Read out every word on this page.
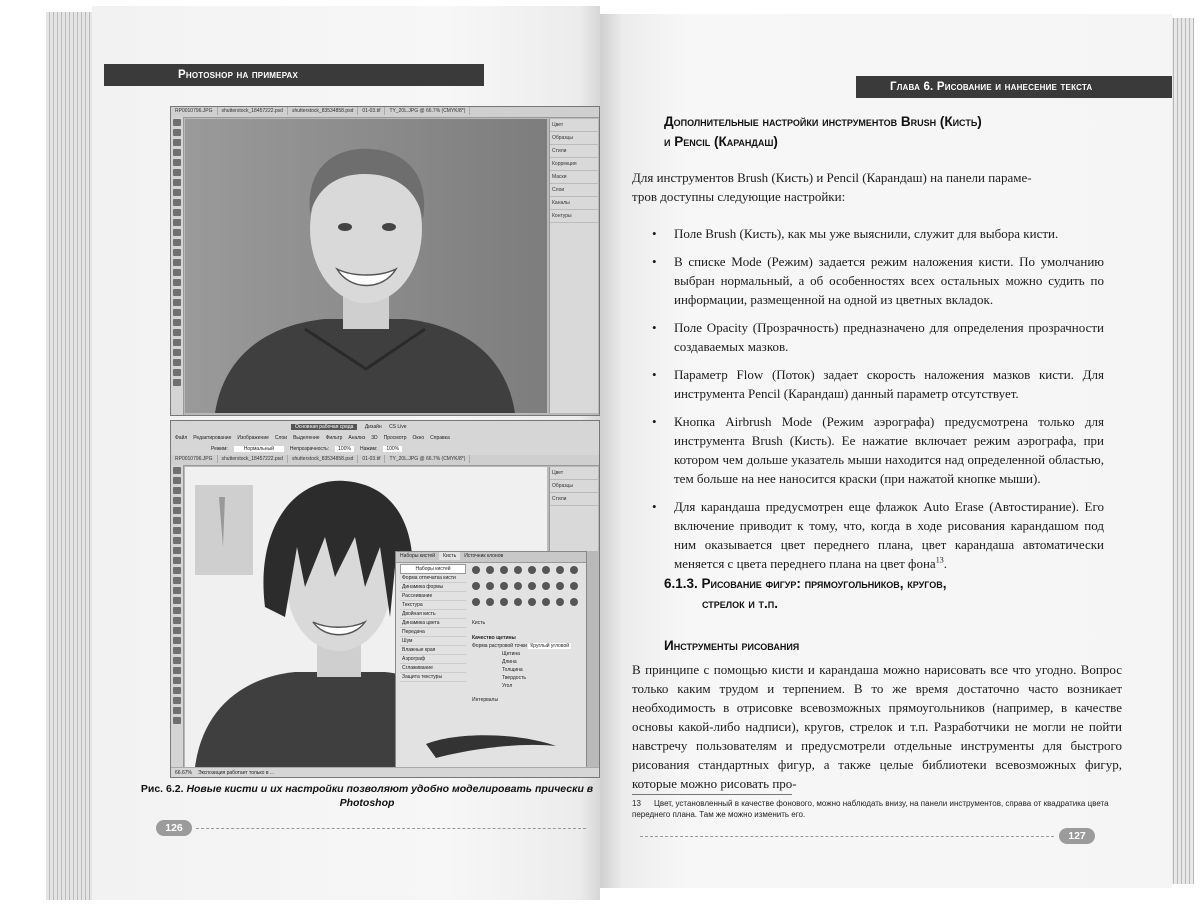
Photoshop на примерах
RP0010796.JPG shutterstock_18457222.psd shutterstock_83534858.psd 01-03.tif TY_20L.JPG @ 66.7% (CMYK/8*)
Цвет
Образцы
Стили
Коррекция
Маски
Слои
Каналы
Контуры
Основная рабочая среда Дизайн CS Live
Файл Редактирование Изображение Слои Выделение Фильтр Анализ 3D Просмотр Окно Справка
Режим:	Нормальный	Непрозрачность: 100% Нажим: 100%
RP0010796.JPG shutterstock_18457222.psd shutterstock_83534858.psd 01-03.tif TY_20L.JPG @ 66.7% (CMYK/8*)
Цвет
Образцы
Стили
Наборы кистей Кисть Источник клонов
Наборы кистей
Форма отпечатка кисти
Динамика формы
Рассеивание
Текстура
Двойная кисть
Динамика цвета
Передача
Шум
Влажные края
Аэрограф
Сглаживание
Защита текстуры
Кисть
Качество щетины
Форма растровой точки Круглый угловой
Щетина
Длина
Толщина
Твердость
Угол
Интервалы
66.67% Экспозиция работает только в ...
Рис. 6.2. Новые кисти и их настройки позволяют удобно моделировать прически в Photoshop
126
Глава 6. Рисование и нанесение текста
Дополнительные настройки инструментов Brush (Кисть)
и Pencil (Карандаш)
Для инструментов Brush (Кисть) и Pencil (Карандаш) на панели параме-
тров доступны следующие настройки:
• Поле Brush (Кисть), как мы уже выяснили, служит для выбора кисти.
• В списке Mode (Режим) задается режим наложения кисти. По умолчанию выбран нормальный, а об особенностях всех остальных можно судить по информации, размещенной на одной из цветных вкладок.
• Поле Opacity (Прозрачность) предназначено для определения прозрачности создаваемых мазков.
• Параметр Flow (Поток) задает скорость наложения мазков кисти. Для инструмента Pencil (Карандаш) данный параметр отсутствует.
• Кнопка Airbrush Mode (Режим аэрографа) предусмотрена только для инструмента Brush (Кисть). Ее нажатие включает режим аэрографа, при котором чем дольше указатель мыши находится над определенной областью, тем больше на нее наносится краски (при нажатой кнопке мыши).
• Для карандаша предусмотрен еще флажок Auto Erase (Автостирание). Его включение приводит к тому, что, когда в ходе рисования карандашом под ним оказывается цвет переднего плана, цвет карандаша автоматически меняется с цвета переднего плана на цвет фона$^{13}$.
6.1.3. Рисование фигур: прямоугольников, кругов,
стрелок и т.п.
Инструменты рисования
В принципе с помощью кисти и карандаша можно нарисовать все что угодно. Вопрос только каким трудом и терпением. В то же время достаточно часто возникает необходимость в отрисовке всевозможных прямоугольников (например, в качестве основы какой-либо надписи), кругов, стрелок и т.п. Разработчики не могли не пойти навстречу пользователям и предусмотрели отдельные инструменты для быстрого рисования стандартных фигур, а также целые библиотеки всевозможных фигур, которые можно рисовать про-
13 Цвет, установленный в качестве фонового, можно наблюдать внизу, на панели инструментов, справа от квадратика цвета переднего плана. Там же можно изменить его.
127
